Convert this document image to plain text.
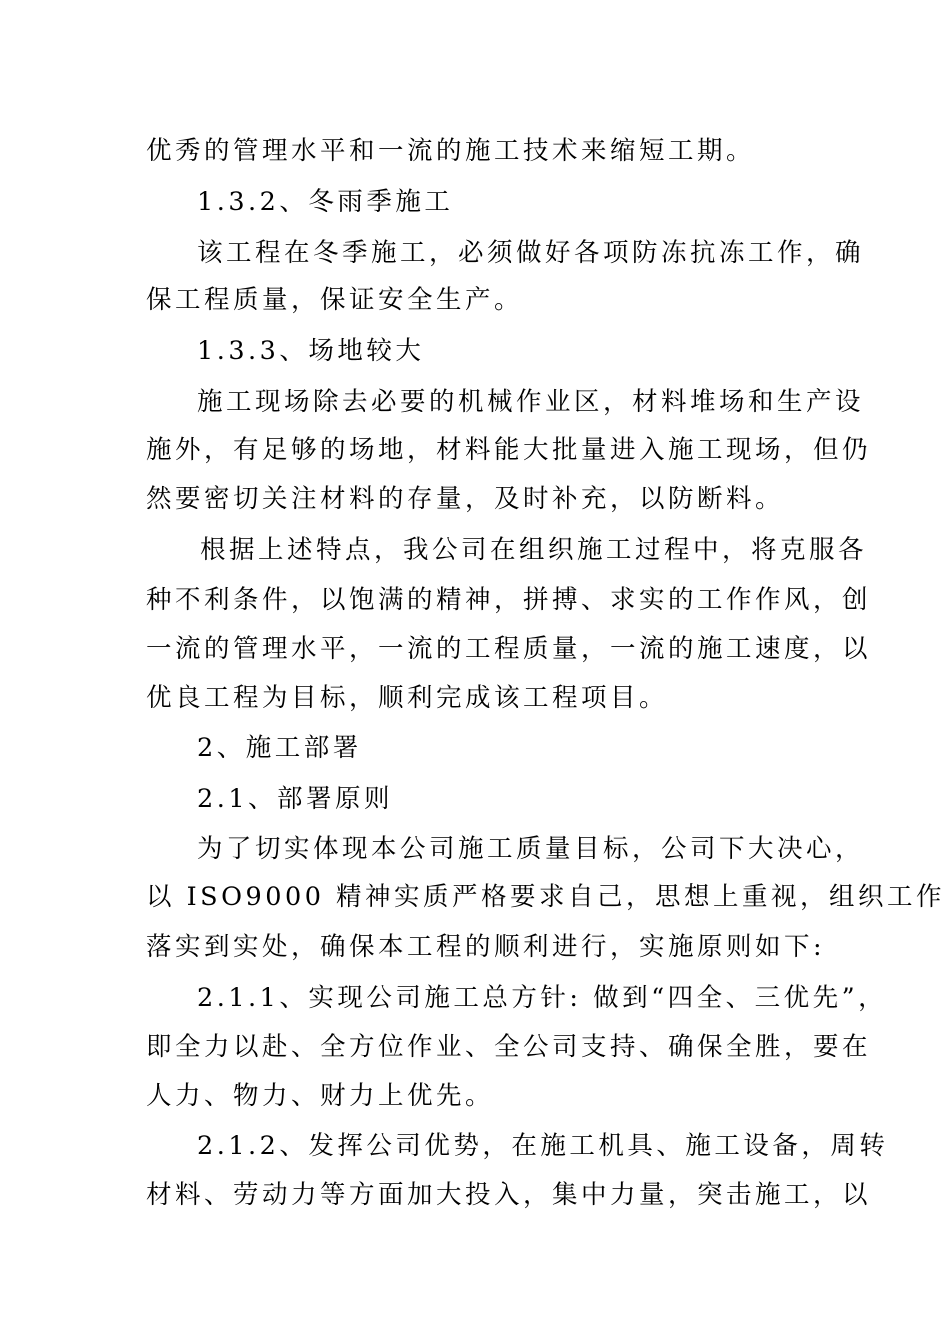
优秀的管理水平和一流的施工技术来缩短工期。
1.3.2、冬雨季施工
该工程在冬季施工，必须做好各项防冻抗冻工作，确
保工程质量，保证安全生产。
1.3.3、场地较大
施工现场除去必要的机械作业区，材料堆场和生产设
施外，有足够的场地，材料能大批量进入施工现场，但仍
然要密切关注材料的存量，及时补充，以防断料。
根据上述特点，我公司在组织施工过程中，将克服各
种不利条件，以饱满的精神，拼搏、求实的工作作风，创
一流的管理水平，一流的工程质量，一流的施工速度，以
优良工程为目标，顺利完成该工程项目。
2、施工部署
2.1、部署原则
为了切实体现本公司施工质量目标，公司下大决心，
以 ISO9000 精神实质严格要求自己，思想上重视，组织工作
落实到实处，确保本工程的顺利进行，实施原则如下:
2.1.1、实现公司施工总方针: 做到“四全、三优先”，
即全力以赴、全方位作业、全公司支持、确保全胜，要在
人力、物力、财力上优先。
2.1.2、发挥公司优势，在施工机具、施工设备，周转
材料、劳动力等方面加大投入，集中力量，突击施工，以
